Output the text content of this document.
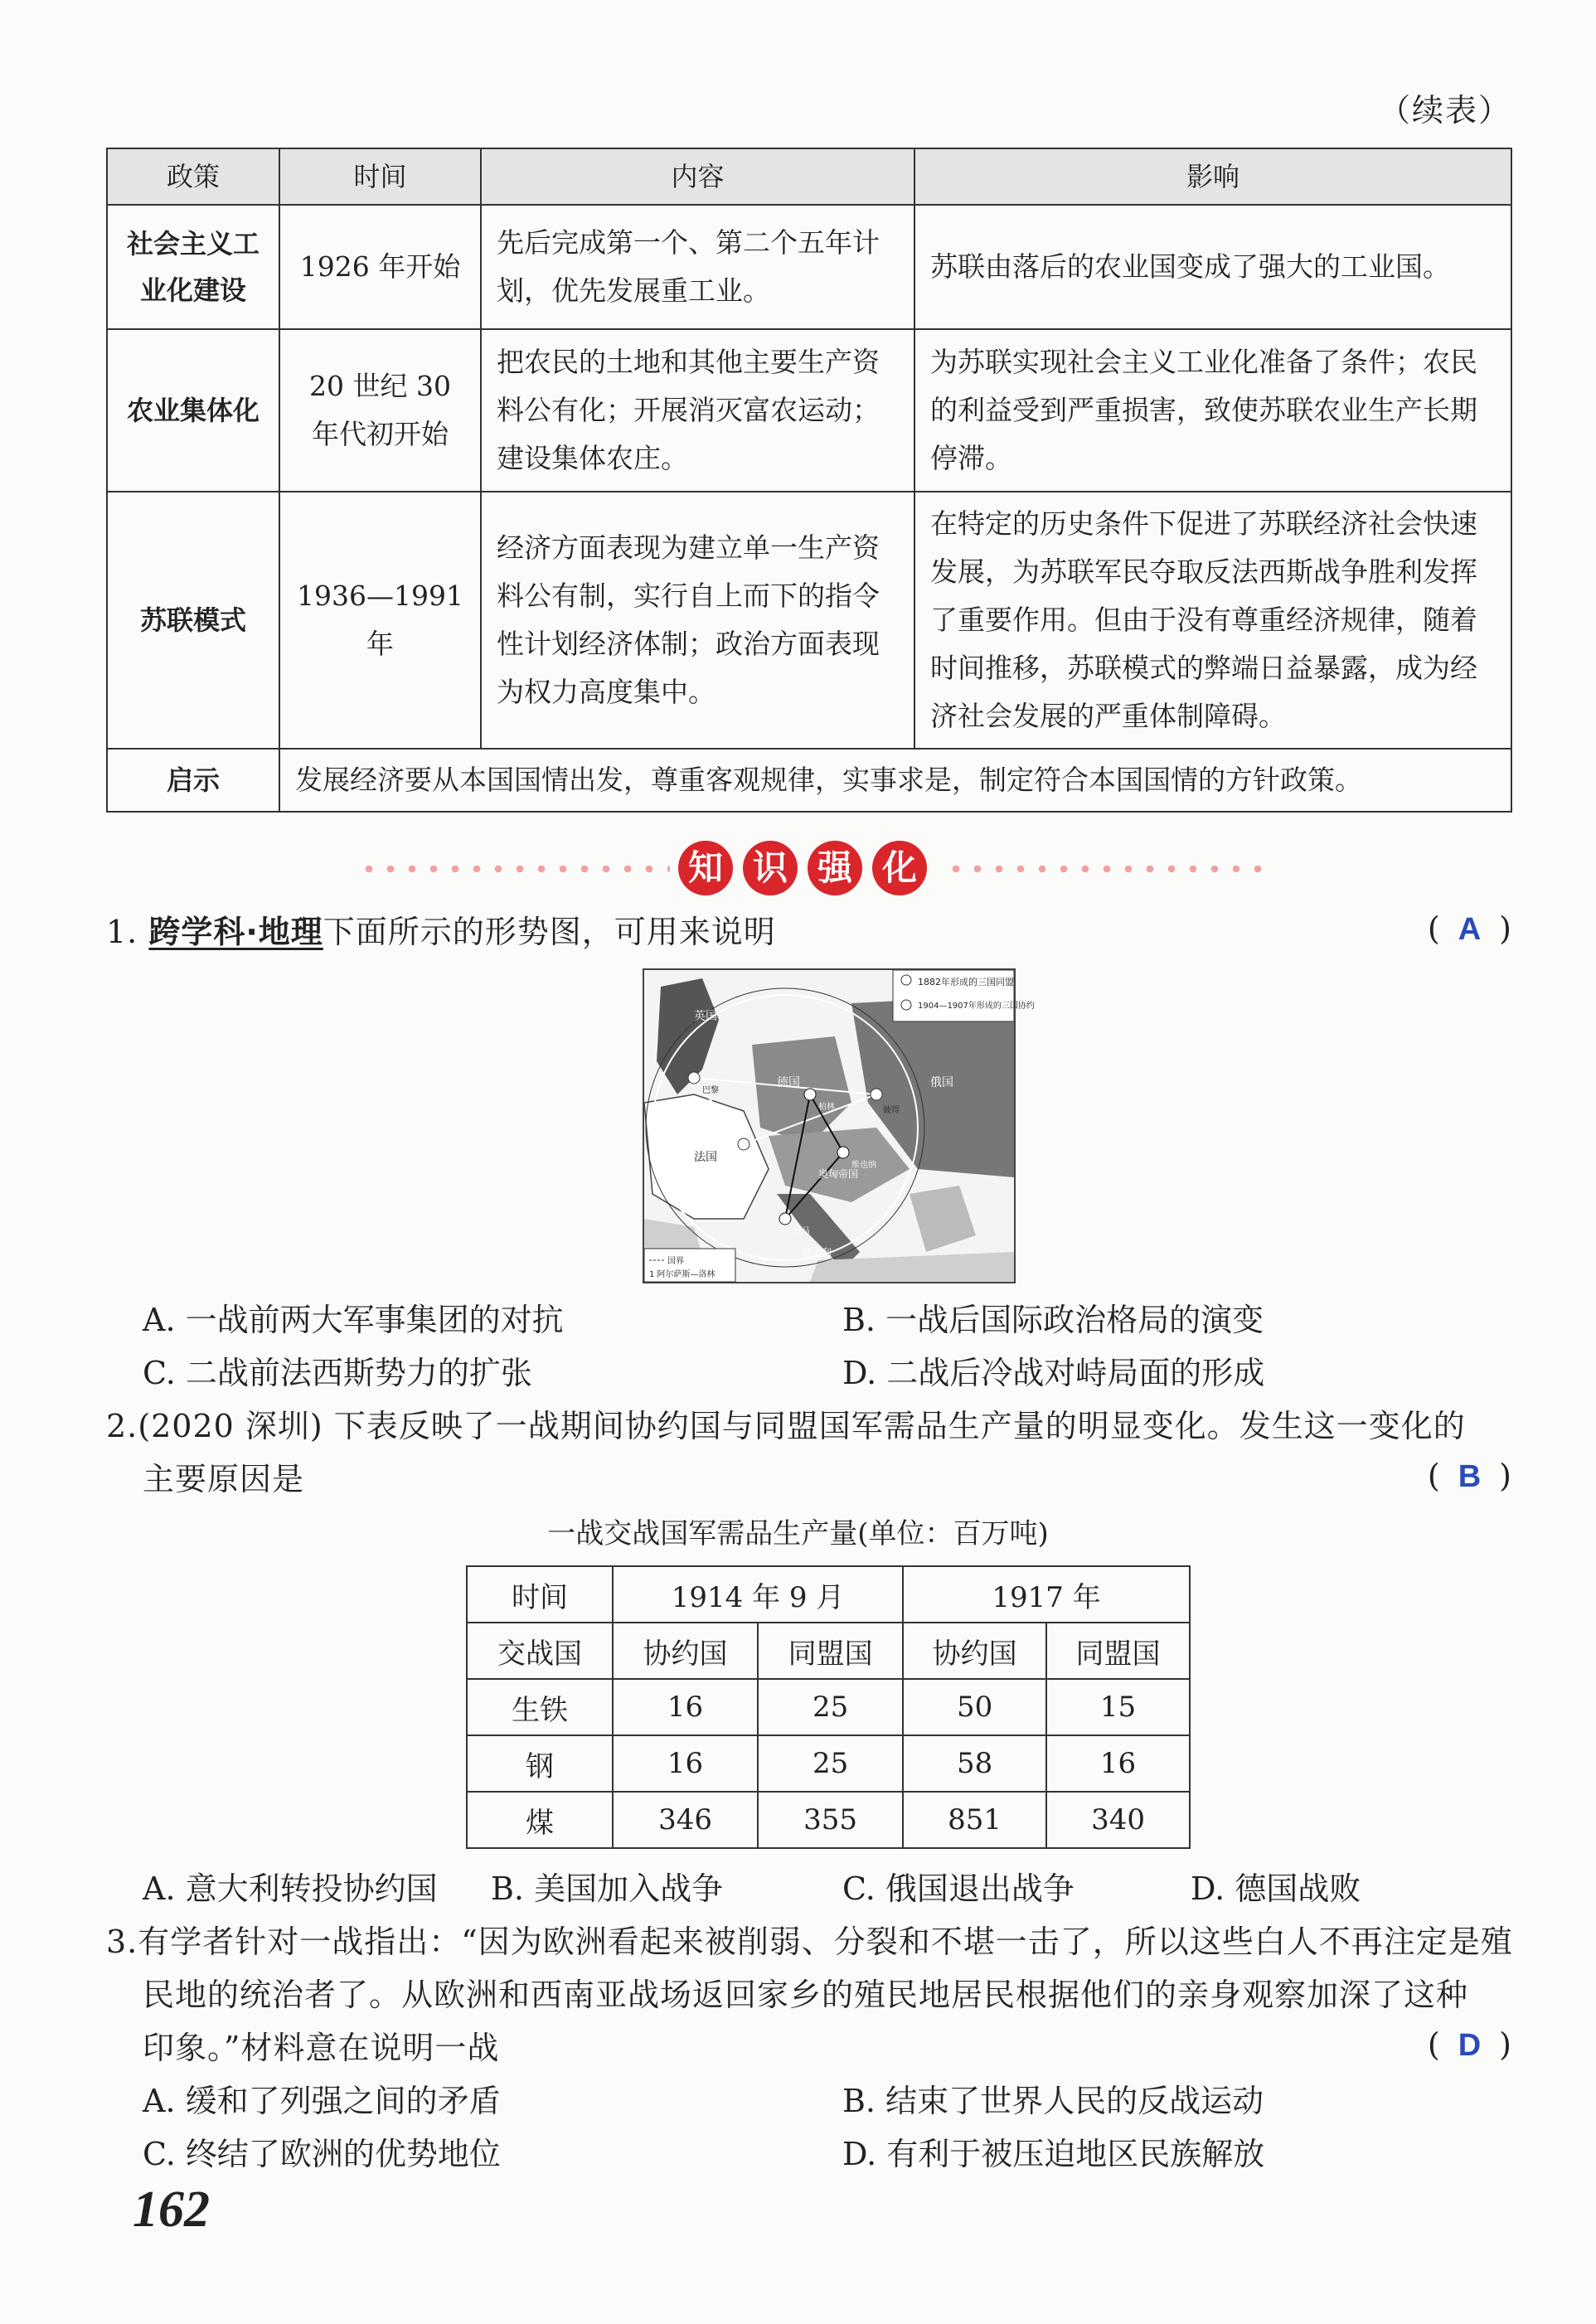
（续表）
政策	时间	内容	影响
社会主义工业化建设	1926 年开始	先后完成第一个、第二个五年计划，优先发展重工业。	苏联由落后的农业国变成了强大的工业国。
农业集体化	20 世纪 30 年代初开始	把农民的土地和其他主要生产资料公有化；开展消灭富农运动；建设集体农庄。	为苏联实现社会主义工业化准备了条件；农民的利益受到严重损害，致使苏联农业生产长期停滞。
苏联模式	1936—1991 年	经济方面表现为建立单一生产资料公有制，实行自上而下的指令性计划经济体制；政治方面表现为权力高度集中。	在特定的历史条件下促进了苏联经济社会快速发展，为苏联军民夺取反法西斯战争胜利发挥了重要作用。但由于没有尊重经济规律，随着时间推移，苏联模式的弊端日益暴露，成为经济社会发展的严重体制障碍。
启示	发展经济要从本国国情出发，尊重客观规律，实事求是，制定符合本国国情的方针政策。		
知 识 强 化
1. 跨学科·地理下面所示的形势图，可用来说明	( A )
1882年形成的三国同盟
1904—1907年形成的三国协约
英国
法国
德国	俄国
奥匈帝国
意大利
巴黎
柏林
维也纳
罗马
彼得
国界
1 阿尔萨斯—洛林
A. 一战前两大军事集团的对抗	B. 一战后国际政治格局的演变
C. 二战前法西斯势力的扩张	D. 二战后冷战对峙局面的形成
2.(2020 深圳) 下表反映了一战期间协约国与同盟国军需品生产量的明显变化。发生这一变化的
主要原因是	( B )
一战交战国军需品生产量(单位：百万吨)
时间	1914 年 9 月		1917 年	
交战国	协约国	同盟国	协约国	同盟国
生铁	16	25	50	15
钢	16	25	58	16
煤	346	355	851	340
A. 意大利转投协约国 B. 美国加入战争	C. 俄国退出战争	D. 德国战败
3.有学者针对一战指出：“因为欧洲看起来被削弱、分裂和不堪一击了，所以这些白人不再注定是殖
民地的统治者了。从欧洲和西南亚战场返回家乡的殖民地居民根据他们的亲身观察加深了这种
印象。”材料意在说明一战	( D )
A. 缓和了列强之间的矛盾	B. 结束了世界人民的反战运动
C. 终结了欧洲的优势地位	D. 有利于被压迫地区民族解放
162
